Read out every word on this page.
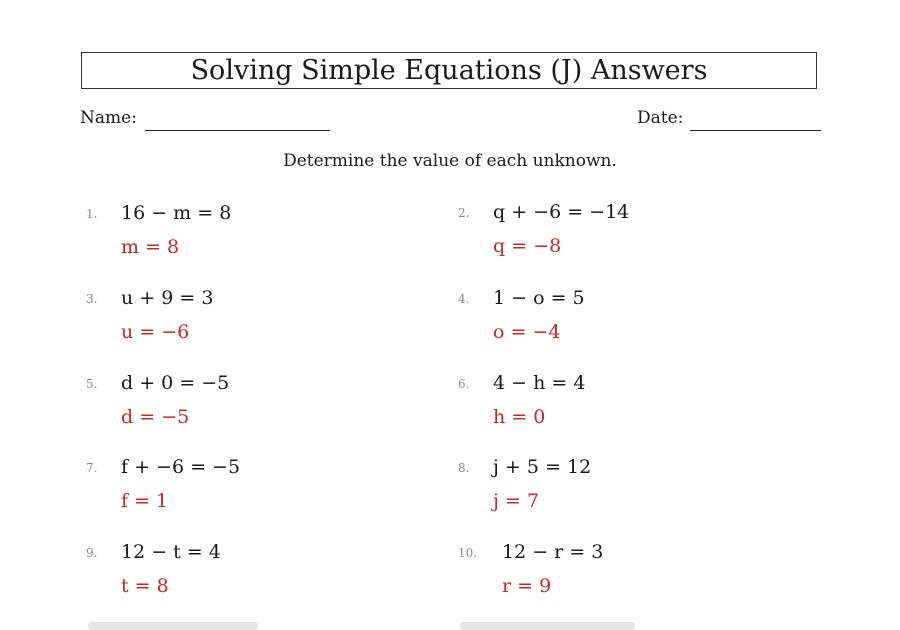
Solving Simple Equations (J) Answers
Name:	Date:
Determine the value of each unknown.
1. 16 − m = 8
m = 8
2. q + −6 = −14
q = −8
3. u + 9 = 3
u = −6
4. 1 − o = 5
o = −4
5. d + 0 = −5
d = −5
6. 4 − h = 4
h = 0
7. f + −6 = −5
f = 1
8. j + 5 = 12
j = 7
9. 12 − t = 4
t = 8
10. 12 − r = 3
r = 9
